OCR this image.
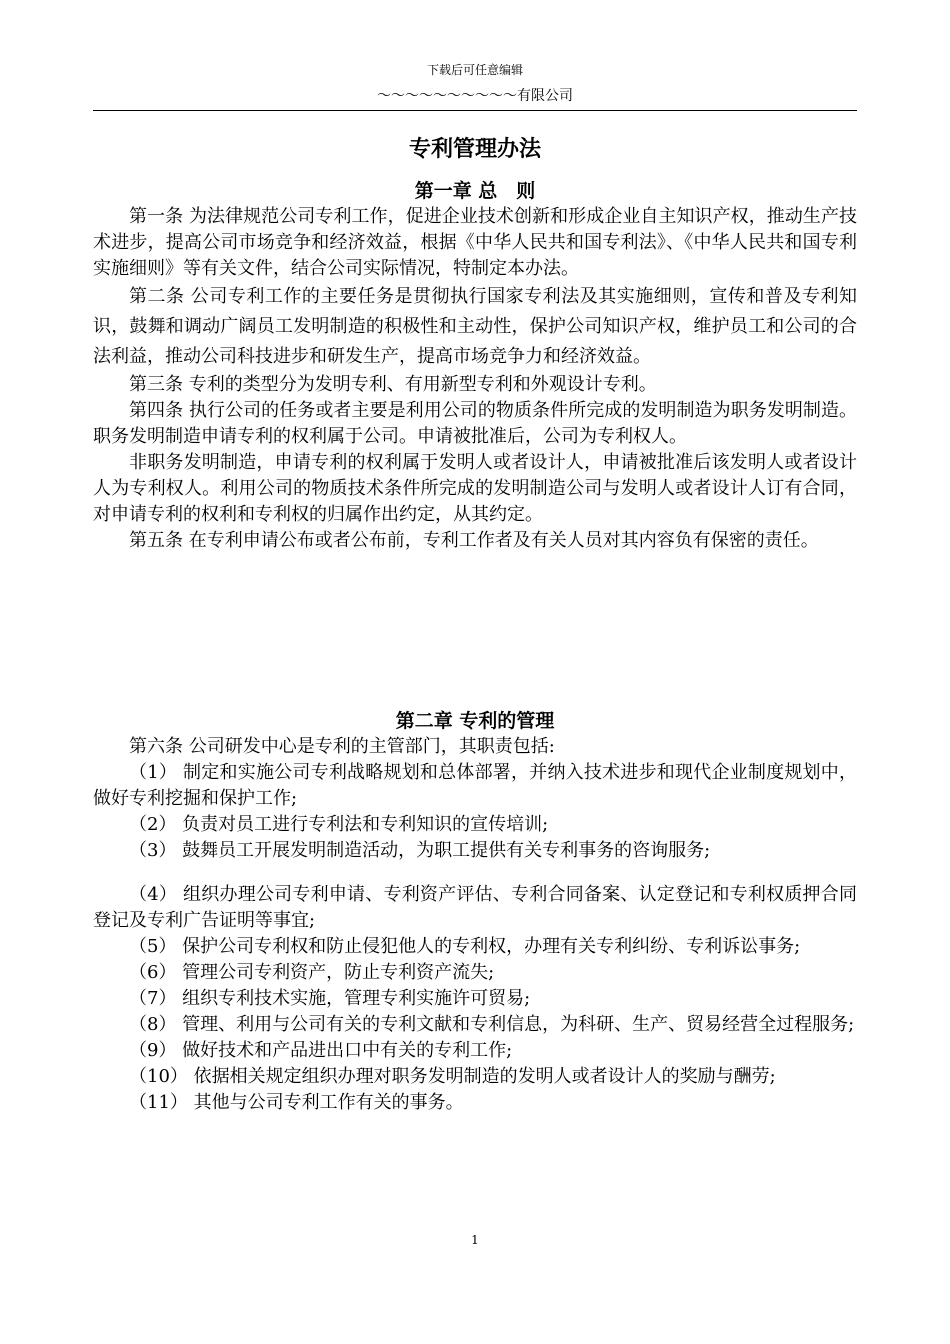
下载后可任意编辑
～～～～～～～～～～有限公司
专利管理办法
第一章 总　则

第一条 为法律规范公司专利工作，促进企业技术创新和形成企业自主知识产权，推动生产技术进步，提高公司市场竞争和经济效益，根据《中华人民共和国专利法》、《中华人民共和国专利实施细则》等有关文件，结合公司实际情况，特制定本办法。

第二条 公司专利工作的主要任务是贯彻执行国家专利法及其实施细则，宣传和普及专利知识，鼓舞和调动广阔员工发明制造的积极性和主动性，保护公司知识产权，维护员工和公司的合法利益，推动公司科技进步和研发生产，提高市场竞争力和经济效益。

第三条 专利的类型分为发明专利、有用新型专利和外观设计专利。

第四条 执行公司的任务或者主要是利用公司的物质条件所完成的发明制造为职务发明制造。职务发明制造申请专利的权利属于公司。申请被批准后，公司为专利权人。

非职务发明制造，申请专利的权利属于发明人或者设计人，申请被批准后该发明人或者设计人为专利权人。利用公司的物质技术条件所完成的发明制造公司与发明人或者设计人订有合同，对申请专利的权利和专利权的归属作出约定，从其约定。

第五条 在专利申请公布或者公布前，专利工作者及有关人员对其内容负有保密的责任。

第二章 专利的管理

第六条 公司研发中心是专利的主管部门，其职责包括:

（1） 制定和实施公司专利战略规划和总体部署，并纳入技术进步和现代企业制度规划中，做好专利挖掘和保护工作;

（2） 负责对员工进行专利法和专利知识的宣传培训;

（3） 鼓舞员工开展发明制造活动，为职工提供有关专利事务的咨询服务;

（4） 组织办理公司专利申请、专利资产评估、专利合同备案、认定登记和专利权质押合同登记及专利广告证明等事宜;

（5） 保护公司专利权和防止侵犯他人的专利权，办理有关专利纠纷、专利诉讼事务;

（6） 管理公司专利资产，防止专利资产流失;

（7） 组织专利技术实施，管理专利实施许可贸易;

（8） 管理、利用与公司有关的专利文献和专利信息，为科研、生产、贸易经营全过程服务;

（9） 做好技术和产品进出口中有关的专利工作;

（10） 依据相关规定组织办理对职务发明制造的发明人或者设计人的奖励与酬劳;

（11） 其他与公司专利工作有关的事务。

1
